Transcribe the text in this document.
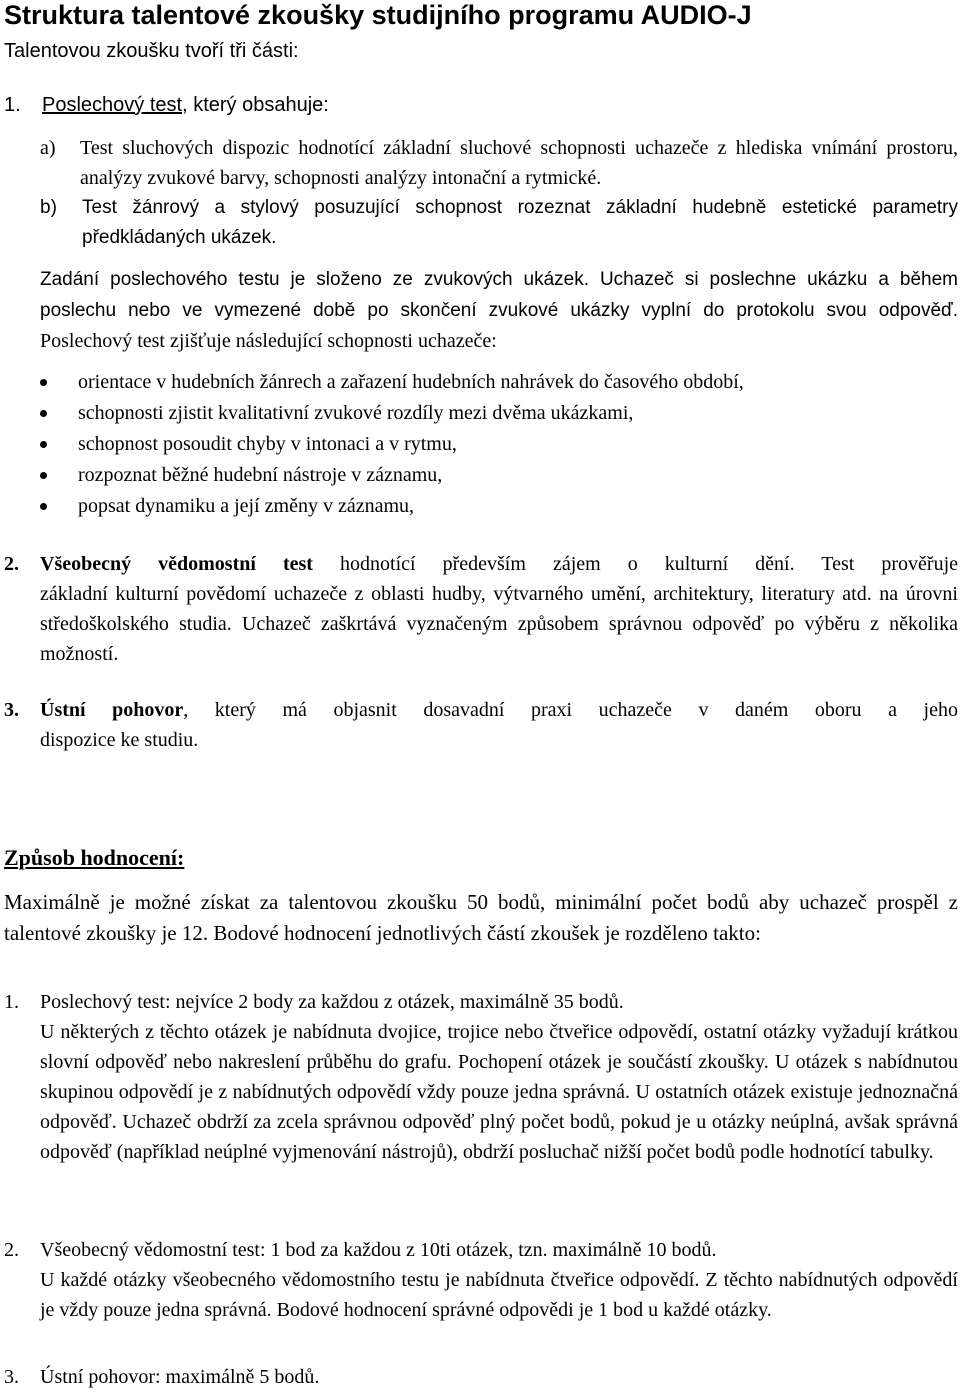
Struktura talentové zkoušky studijního programu AUDIO-J
Talentovou zkoušku tvoří tři části:
1. Poslechový test, který obsahuje:
a)	Test sluchových dispozic hodnotící základní sluchové schopnosti uchazeče z hlediska vnímání prostoru, analýzy zvukové barvy, schopnosti analýzy intonační a rytmické.
b)	Test žánrový a stylový posuzující schopnost rozeznat základní hudebně estetické parametry předkládaných ukázek.
Zadání poslechového testu je složeno ze zvukových ukázek. Uchazeč si poslechne ukázku a během poslechu nebo ve vymezené době po skončení zvukové ukázky vyplní do protokolu svou odpověď. Poslechový test zjišťuje následující schopnosti uchazeče:
orientace v hudebních žánrech a zařazení hudebních nahrávek do časového období,
schopnosti zjistit kvalitativní zvukové rozdíly mezi dvěma ukázkami,
schopnost posoudit chyby v intonaci a v rytmu,
rozpoznat běžné hudební nástroje v záznamu,
popsat dynamiku a její změny v záznamu,
2. Všeobecný vědomostní test hodnotící především zájem o kulturní dění. Test prověřuje
základní kulturní povědomí uchazeče z oblasti hudby, výtvarného umění, architektury, literatury atd. na úrovni středoškolského studia. Uchazeč zaškrtává vyznačeným způsobem správnou odpověď po výběru z několika možností.
3. Ústní pohovor, který má objasnit dosavadní praxi uchazeče v daném oboru a jeho
dispozice ke studiu.
Způsob hodnocení:
Maximálně je možné získat za talentovou zkoušku 50 bodů, minimální počet bodů aby uchazeč prospěl z talentové zkoušky je 12. Bodové hodnocení jednotlivých částí zkoušek je rozděleno takto:
1. Poslechový test: nejvíce 2 body za každou z otázek, maximálně 35 bodů.
U některých z těchto otázek je nabídnuta dvojice, trojice nebo čtveřice odpovědí, ostatní otázky vyžadují krátkou slovní odpověď nebo nakreslení průběhu do grafu. Pochopení otázek je součástí zkoušky. U otázek s nabídnutou skupinou odpovědí je z nabídnutých odpovědí vždy pouze jedna správná. U ostatních otázek existuje jednoznačná odpověď. Uchazeč obdrží za zcela správnou odpověď plný počet bodů, pokud je u otázky neúplná, avšak správná odpověď (například neúplné vyjmenování nástrojů), obdrží posluchač nižší počet bodů podle hodnotící tabulky.
2. Všeobecný vědomostní test: 1 bod za každou z 10ti otázek, tzn. maximálně 10 bodů.
U každé otázky všeobecného vědomostního testu je nabídnuta čtveřice odpovědí. Z těchto nabídnutých odpovědí je vždy pouze jedna správná. Bodové hodnocení správné odpovědi je 1 bod u každé otázky.
3. Ústní pohovor: maximálně 5 bodů.
